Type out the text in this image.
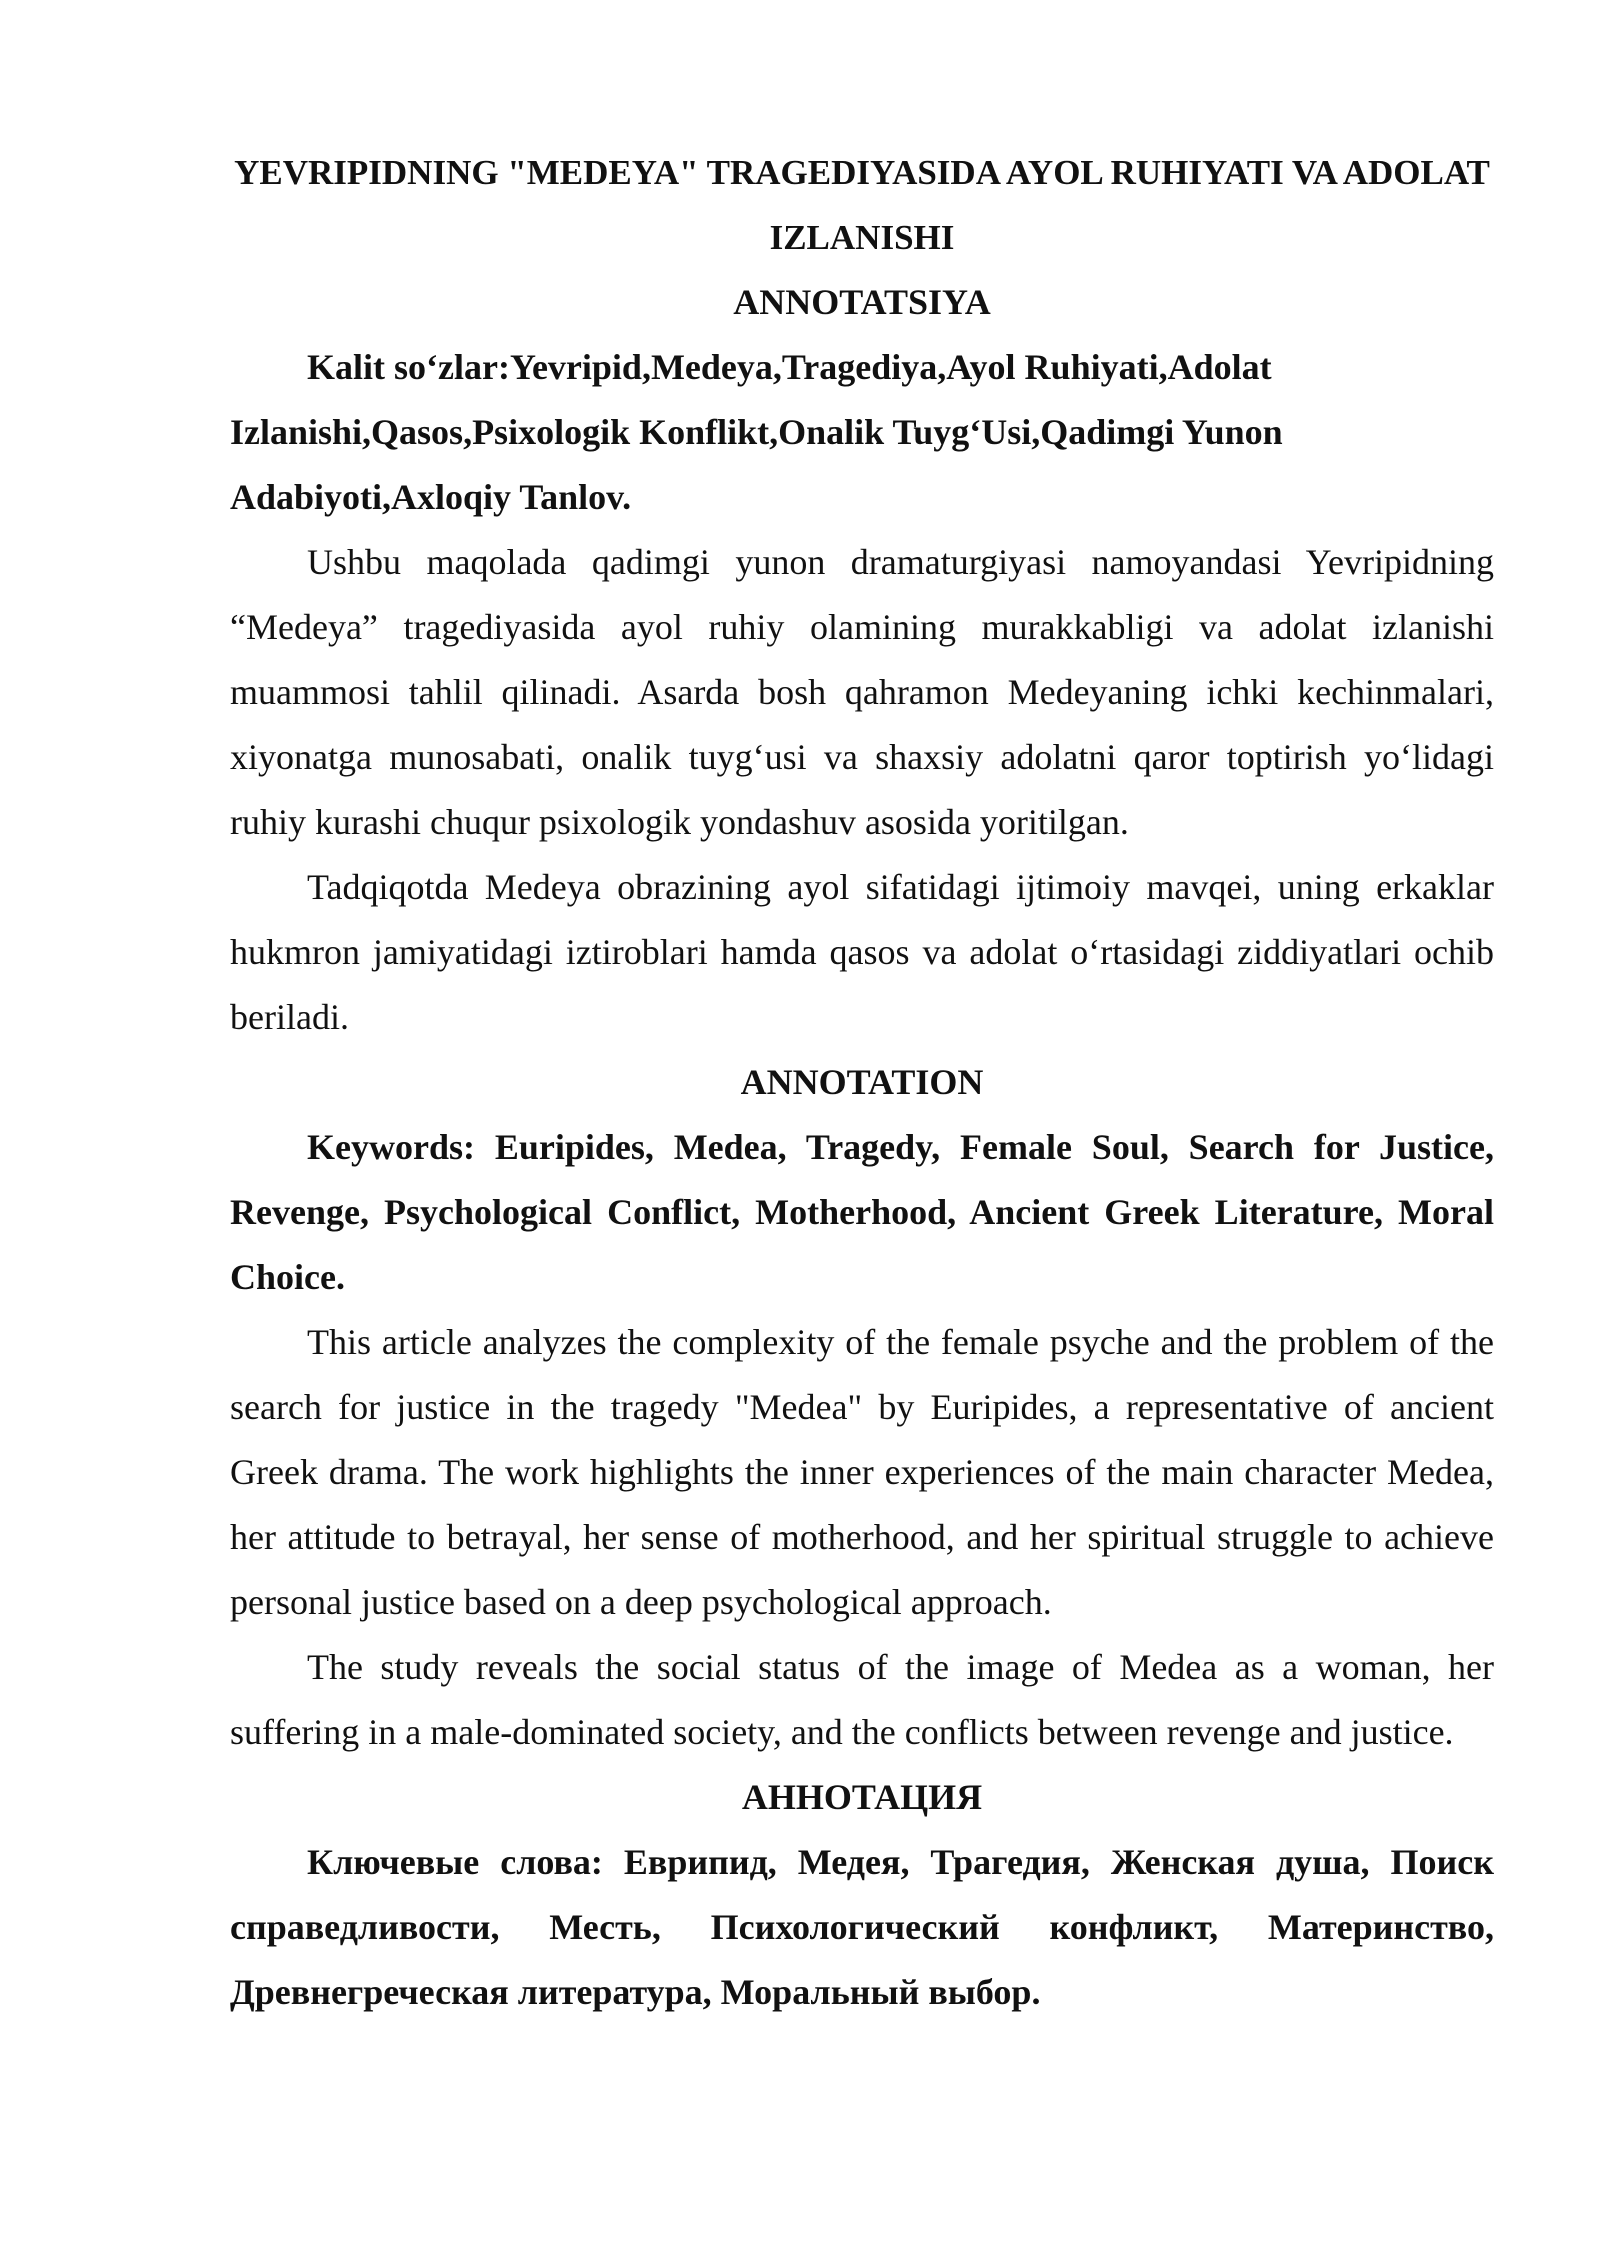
YEVRIPIDNING "MEDEYA" TRAGEDIYASIDA AYOL RUHIYATI VA ADOLAT IZLANISHI

ANNOTATSIYA

Kalit so‘zlar:Yevripid,Medeya,Tragediya,Ayol Ruhiyati,Adolat Izlanishi,Qasos,Psixologik Konflikt,Onalik Tuyg‘Usi,Qadimgi Yunon Adabiyoti,Axloqiy Tanlov.

Ushbu maqolada qadimgi yunon dramaturgiyasi namoyandasi Yevripidning “Medeya” tragediyasida ayol ruhiy olamining murakkabligi va adolat izlanishi muammosi tahlil qilinadi. Asarda bosh qahramon Medeyaning ichki kechinmalari, xiyonatga munosabati, onalik tuyg‘usi va shaxsiy adolatni qaror toptirish yo‘lidagi ruhiy kurashi chuqur psixologik yondashuv asosida yoritilgan.

Tadqiqotda Medeya obrazining ayol sifatidagi ijtimoiy mavqei, uning erkaklar hukmron jamiyatidagi iztiroblari hamda qasos va adolat o‘rtasidagi ziddiyatlari ochib beriladi.

ANNOTATION

Keywords: Euripides, Medea, Tragedy, Female Soul, Search for Justice, Revenge, Psychological Conflict, Motherhood, Ancient Greek Literature, Moral Choice.

This article analyzes the complexity of the female psyche and the problem of the search for justice in the tragedy "Medea" by Euripides, a representative of ancient Greek drama. The work highlights the inner experiences of the main character Medea, her attitude to betrayal, her sense of motherhood, and her spiritual struggle to achieve personal justice based on a deep psychological approach.

The study reveals the social status of the image of Medea as a woman, her suffering in a male-dominated society, and the conflicts between revenge and justice.

АННОТАЦИЯ

Ключевые слова: Еврипид, Медея, Трагедия, Женская душа, Поиск справедливости, Месть, Психологический конфликт, Материнство, Древнегреческая литература, Моральный выбор.
